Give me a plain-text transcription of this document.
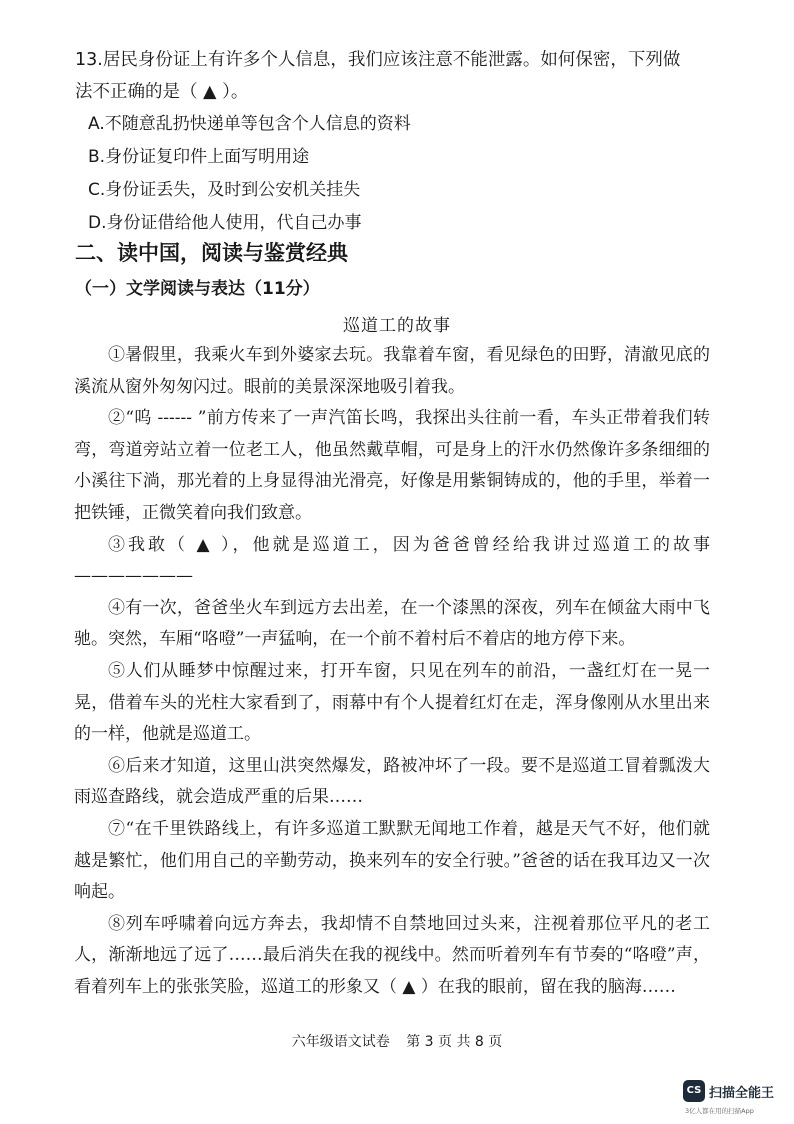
13.居民身份证上有许多个人信息，我们应该注意不能泄露。如何保密，下列做
法不正确的是（ ▲ ）。
A.不随意乱扔快递单等包含个人信息的资料
B.身份证复印件上面写明用途
C.身份证丢失，及时到公安机关挂失
D.身份证借给他人使用，代自己办事
二、读中国，阅读与鉴赏经典
（一）文学阅读与表达（11分）
巡道工的故事

①暑假里，我乘火车到外婆家去玩。我靠着车窗，看见绿色的田野，清澈见底的溪流从窗外匆匆闪过。眼前的美景深深地吸引着我。

②“呜 ------ ”前方传来了一声汽笛长鸣，我探出头往前一看，车头正带着我们转弯，弯道旁站立着一位老工人，他虽然戴草帽，可是身上的汗水仍然像许多条细细的小溪往下淌，那光着的上身显得油光滑亮，好像是用紫铜铸成的，他的手里，举着一把铁锤，正微笑着向我们致意。

③我敢（ ▲ ），他就是巡道工，因为爸爸曾经给我讲过巡道工的故事———————

④有一次，爸爸坐火车到远方去出差，在一个漆黑的深夜，列车在倾盆大雨中飞驰。突然，车厢“咯噔”一声猛响，在一个前不着村后不着店的地方停下来。

⑤人们从睡梦中惊醒过来，打开车窗，只见在列车的前沿，一盏红灯在一晃一晃，借着车头的光柱大家看到了，雨幕中有个人提着红灯在走，浑身像刚从水里出来的一样，他就是巡道工。

⑥后来才知道，这里山洪突然爆发，路被冲坏了一段。要不是巡道工冒着瓢泼大雨巡查路线，就会造成严重的后果……

⑦“在千里铁路线上，有许多巡道工默默无闻地工作着，越是天气不好，他们就越是繁忙，他们用自己的辛勤劳动，换来列车的安全行驶。”爸爸的话在我耳边又一次响起。

⑧列车呼啸着向远方奔去，我却情不自禁地回过头来，注视着那位平凡的老工人，渐渐地远了远了……最后消失在我的视线中。然而听着列车有节奏的“咯噔”声，看着列车上的张张笑脸，巡道工的形象又（ ▲ ）在我的眼前，留在我的脑海……

六年级语文试卷 第 3 页 共 8 页
CS 扫描全能王
3亿人都在用的扫描App
